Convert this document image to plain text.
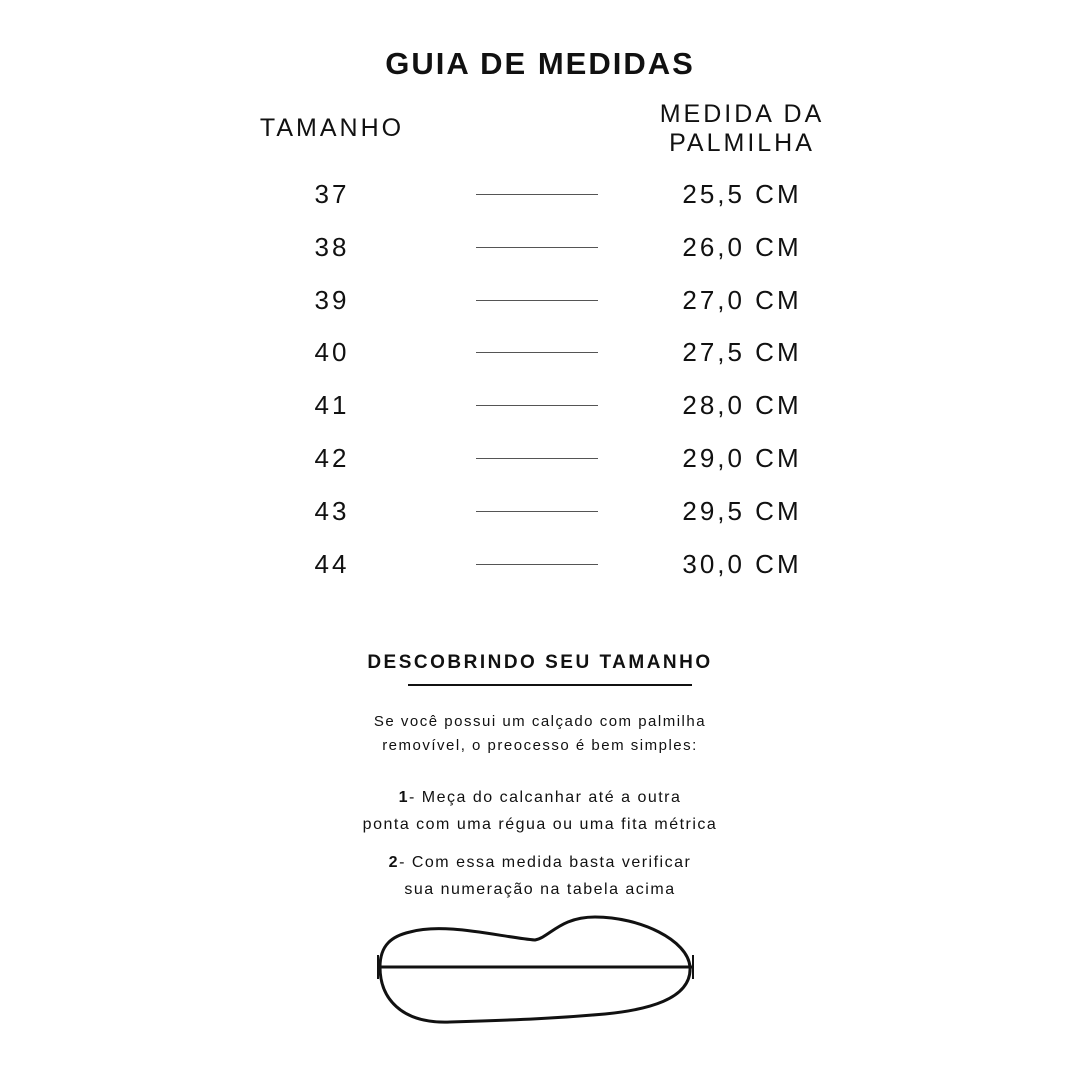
GUIA DE MEDIDAS
TAMANHO	MEDIDA DA
PALMILHA
37	25,5 CM
38	26,0 CM
39	27,0 CM
40	27,5 CM
41	28,0 CM
42	29,0 CM
43	29,5 CM
44	30,0 CM
DESCOBRINDO SEU TAMANHO

Se você possui um calçado com palmilha
removível, o preocesso é bem simples:

1- Meça do calcanhar até a outra
ponta com uma régua ou uma fita métrica

2- Com essa medida basta verificar
sua numeração na tabela acima
